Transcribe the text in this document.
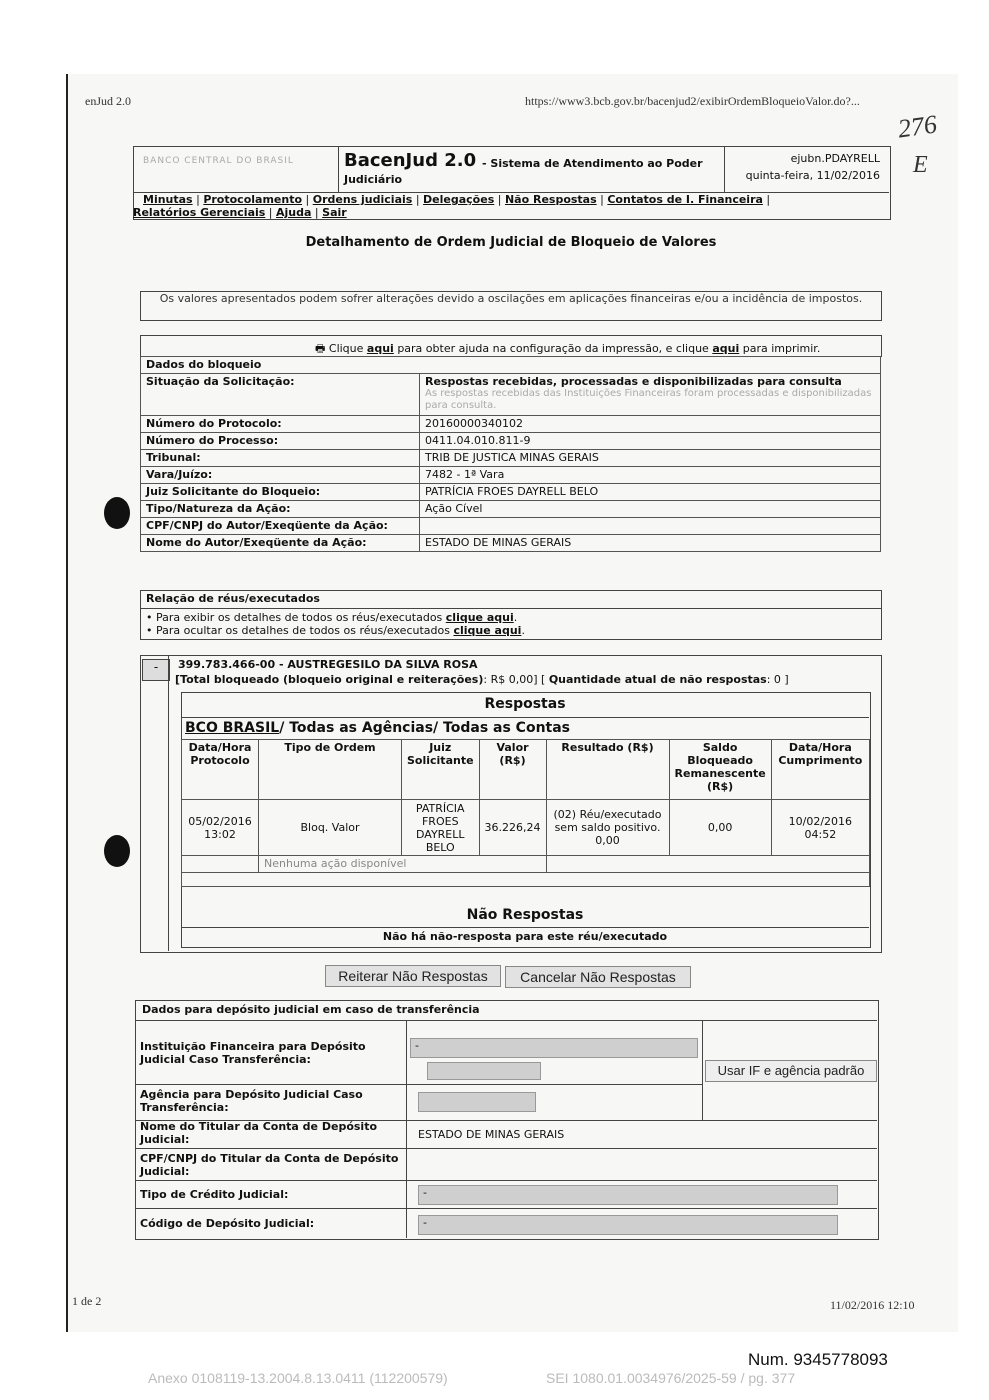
enJud 2.0	https://www3.bcb.gov.br/bacenjud2/exibirOrdemBloqueioValor.do?...
276
E
BANCO CENTRAL DO BRASIL	BacenJud 2.0 - Sistema de Atendimento ao Poder
Judiciário
ejubn.PDAYRELL
quinta-feira, 11/02/2016
Minutas | Protocolamento | Ordens judiciais | Delegações | Não Respostas | Contatos de I. Financeira |
Relatórios Gerenciais | Ajuda | Sair
Detalhamento de Ordem Judicial de Bloqueio de Valores
Os valores apresentados podem sofrer alterações devido a oscilações em aplicações financeiras e/ou a incidência de impostos.
🖶 Clique aqui para obter ajuda na configuração da impressão, e clique aqui para imprimir.
Dados do bloqueio	
Situação da Solicitação:	Respostas recebidas, processadas e disponibilizadas para consulta
As respostas recebidas das Instituições Financeiras foram processadas e disponibilizadas para consulta.

Número do Protocolo:	20160000340102
Número do Processo:	0411.04.010.811-9
Tribunal:	TRIB DE JUSTICA MINAS GERAIS
Vara/Juízo:	7482 - 1ª Vara
Juiz Solicitante do Bloqueio:	PATRÍCIA FROES DAYRELL BELO
Tipo/Natureza da Ação:	Ação Cível
CPF/CNPJ do Autor/Exeqüente da Ação:	
Nome do Autor/Exeqüente da Ação:	ESTADO DE MINAS GERAIS
Relação de réus/executados
• Para exibir os detalhes de todos os réus/executados clique aqui.
• Para ocultar os detalhes de todos os réus/executados clique aqui.
-	399.783.466-00 - AUSTREGESILO DA SILVA ROSA
[Total bloqueado (bloqueio original e reiterações): R$ 0,00] [ Quantidade atual de não respostas: 0 ]
Respostas
BCO BRASIL/ Todas as Agências/ Todas as Contas
Data/Hora Protocolo	Tipo de Ordem	Juiz Solicitante	Valor (R$)	Resultado (R$)	Saldo Bloqueado Remanescente (R$)	Data/Hora Cumprimento
05/02/2016 13:02	Bloq. Valor	PATRÍCIA FROES DAYRELL BELO	36.226,24	(02) Réu/executado sem saldo positivo. 0,00	0,00	10/02/2016 04:52
	Nenhuma ação disponível					

Não Respostas
Não há não-resposta para este réu/executado
Reiterar Não Respostas	Cancelar Não Respostas
Dados para depósito judicial em caso de transferência
Instituição Financeira para Depósito Judicial Caso Transferência:
-
Usar IF e agência padrão
Agência para Depósito Judicial Caso Transferência:
Nome do Titular da Conta de Depósito Judicial:	ESTADO DE MINAS GERAIS
CPF/CNPJ do Titular da Conta de Depósito Judicial:
Tipo de Crédito Judicial:	-
Código de Depósito Judicial:	-
1 de 2	11/02/2016 12:10
Num. 9345778093
Anexo 0108119-13.2004.8.13.0411 (112200579)	SEI 1080.01.0034976/2025-59 / pg. 377
